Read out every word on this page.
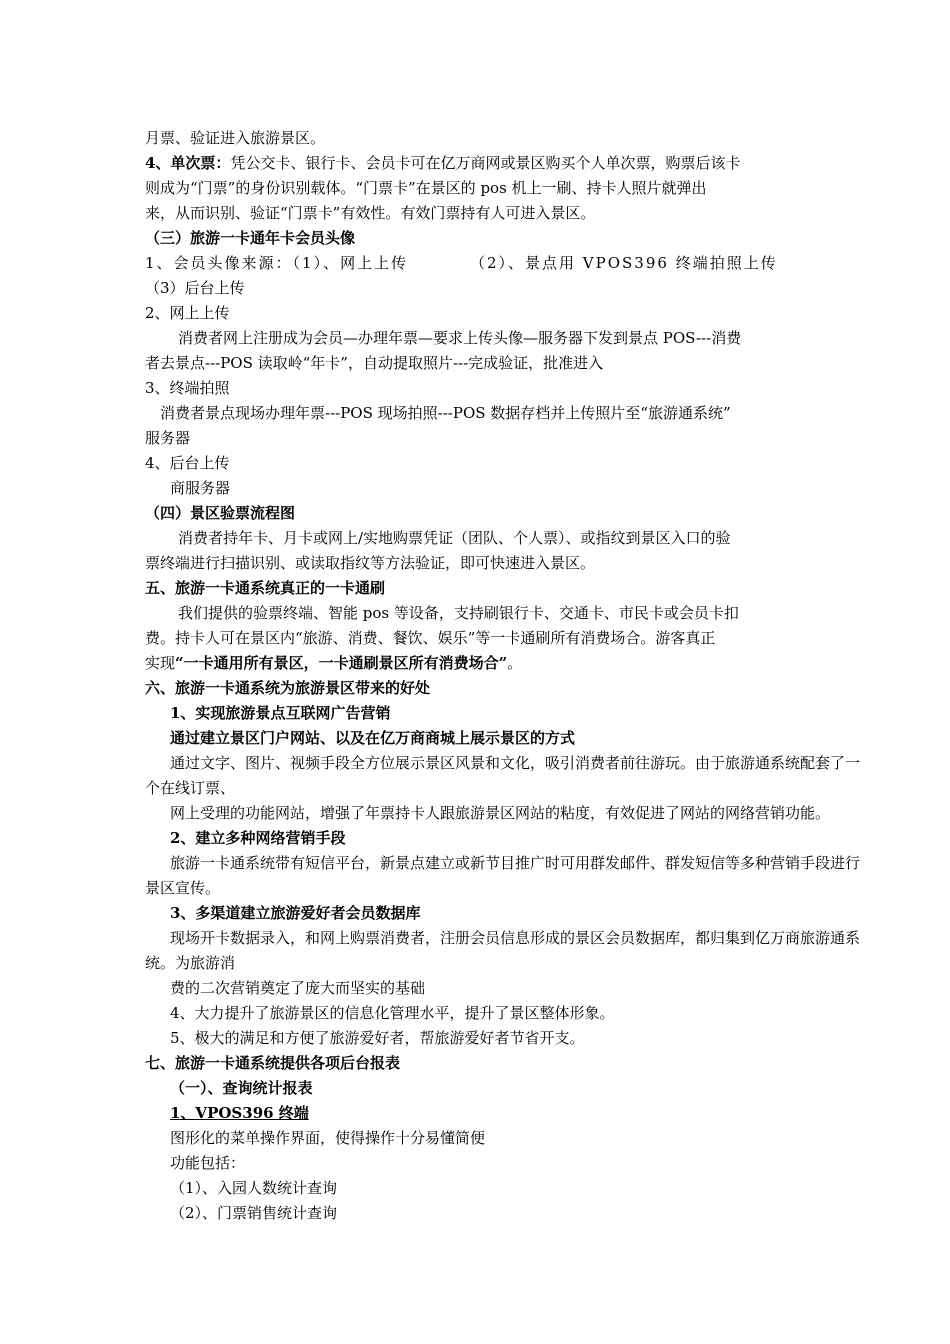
月票、验证进入旅游景区。
4、单次票：凭公交卡、银行卡、会员卡可在亿万商网或景区购买个人单次票，购票后该卡
则成为“门票”的身份识别载体。“门票卡”在景区的 pos 机上一刷、持卡人照片就弹出
来，从而识别、验证“门票卡”有效性。有效门票持有人可进入景区。
（三）旅游一卡通年卡会员头像
1、会员头像来源：（1）、网上上传	（2）、景点用 VPOS396 终端拍照上传
（3）后台上传
2、网上上传
消费者网上注册成为会员—办理年票—要求上传头像—服务器下发到景点 POS---消费
者去景点---POS 读取岭“年卡”，自动提取照片---完成验证，批准进入
3、终端拍照
消费者景点现场办理年票---POS 现场拍照---POS 数据存档并上传照片至“旅游通系统”
服务器
4、后台上传
商服务器
（四）景区验票流程图
消费者持年卡、月卡或网上/实地购票凭证（团队、个人票）、或指纹到景区入口的验
票终端进行扫描识别、或读取指纹等方法验证，即可快速进入景区。
五、旅游一卡通系统真正的一卡通刷
我们提供的验票终端、智能 pos 等设备，支持刷银行卡、交通卡、市民卡或会员卡扣
费。持卡人可在景区内“旅游、消费、餐饮、娱乐”等一卡通刷所有消费场合。游客真正
实现“一卡通用所有景区，一卡通刷景区所有消费场合”。
六、旅游一卡通系统为旅游景区带来的好处
1、实现旅游景点互联网广告营销
通过建立景区门户网站、以及在亿万商商城上展示景区的方式
通过文字、图片、视频手段全方位展示景区风景和文化，吸引消费者前往游玩。由于旅游通系统配套了一
个在线订票、
网上受理的功能网站，增强了年票持卡人跟旅游景区网站的粘度，有效促进了网站的网络营销功能。
2、建立多种网络营销手段
旅游一卡通系统带有短信平台，新景点建立或新节目推广时可用群发邮件、群发短信等多种营销手段进行
景区宣传。
3、多渠道建立旅游爱好者会员数据库
现场开卡数据录入，和网上购票消费者，注册会员信息形成的景区会员数据库，都归集到亿万商旅游通系
统。为旅游消
费的二次营销奠定了庞大而坚实的基础
4、大力提升了旅游景区的信息化管理水平，提升了景区整体形象。
5、极大的满足和方便了旅游爱好者，帮旅游爱好者节省开支。
七、旅游一卡通系统提供各项后台报表
（一）、查询统计报表
1、VPOS396 终端
图形化的菜单操作界面，使得操作十分易懂简便
功能包括：
（1）、入园人数统计查询
（2）、门票销售统计查询
